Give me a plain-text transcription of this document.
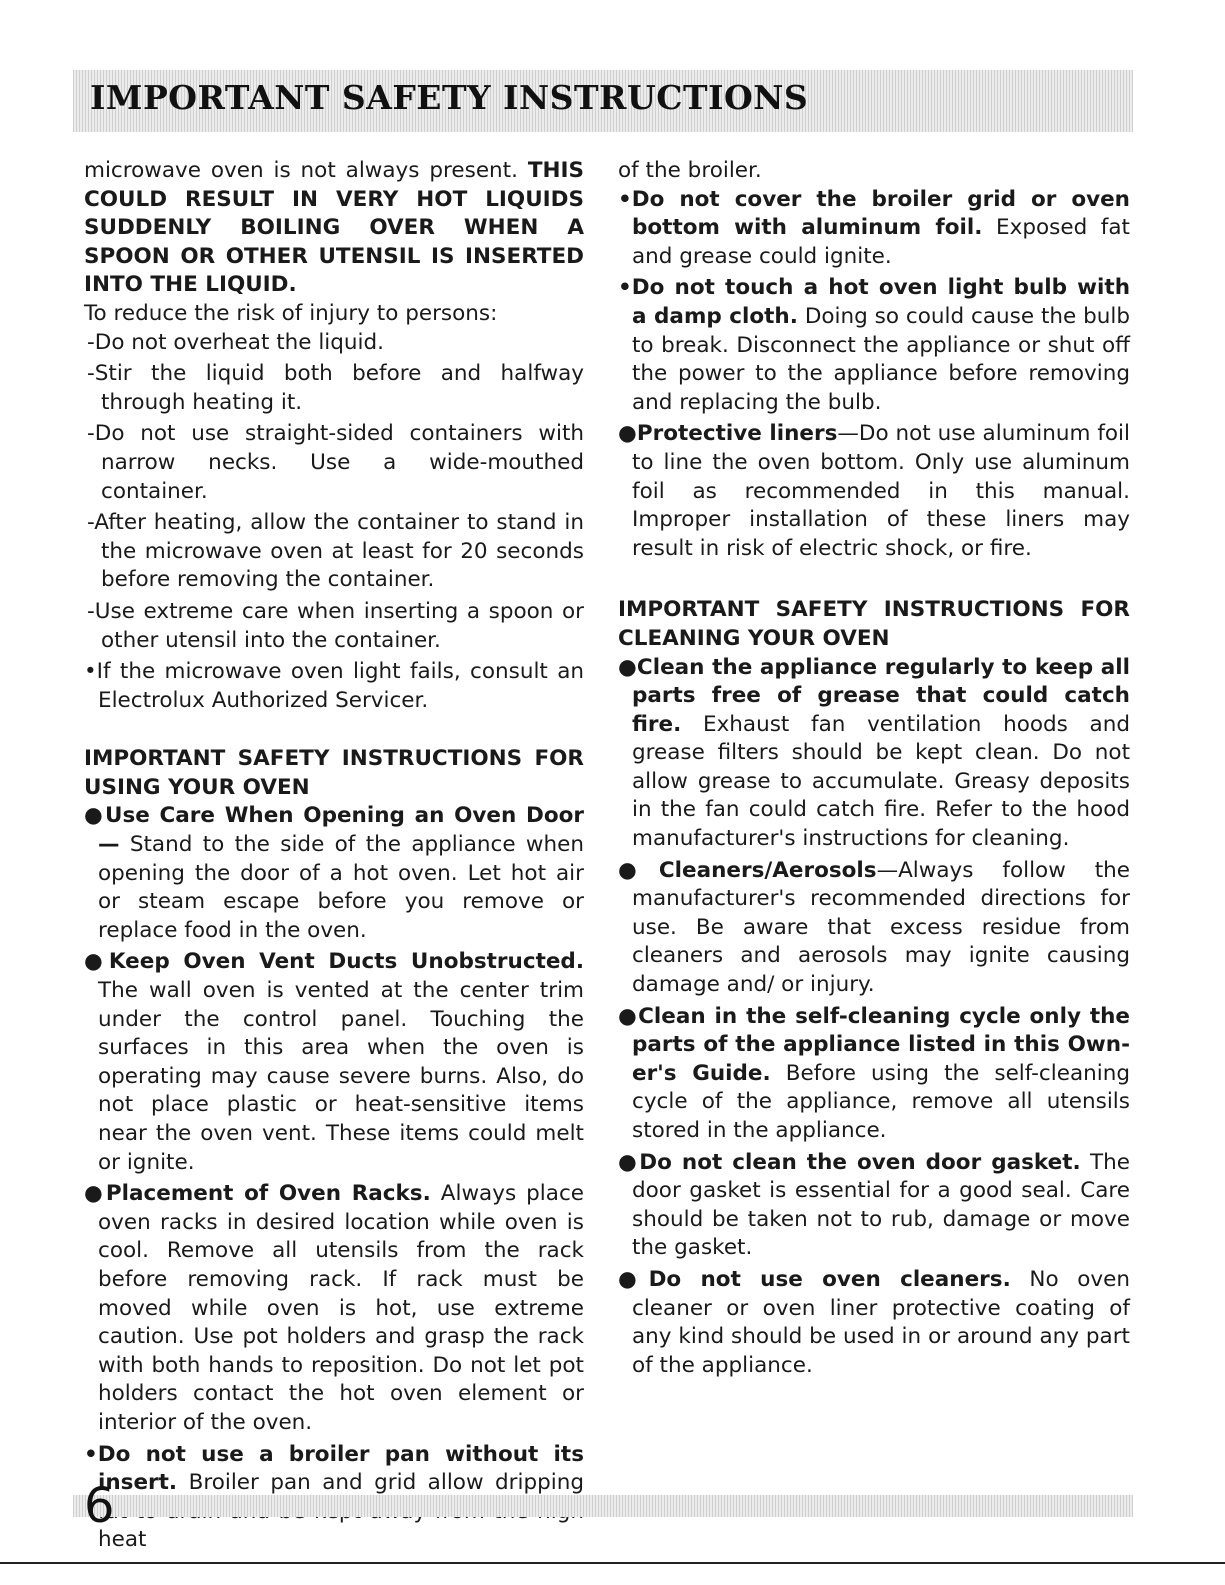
IMPORTANT SAFETY INSTRUCTIONS

microwave oven is not always present. THIS COULD RESULT IN VERY HOT LIQUIDS SUDDENLY BOILING OVER WHEN A SPOON OR OTHER UTENSIL IS INSERTED INTO THE LIQUID.

To reduce the risk of injury to persons:

-Do not overheat the liquid.

-Stir the liquid both before and halfway through heating it.

-Do not use straight-sided containers with narrow necks. Use a wide-mouthed container.

-After heating, allow the container to stand in the microwave oven at least for 20 seconds before removing the container.

-Use extreme care when inserting a spoon or other utensil into the container.

•If the microwave oven light fails, consult an Electrolux Authorized Servicer.

IMPORTANT SAFETY INSTRUCTIONS FOR USING YOUR OVEN

●Use Care When Opening an Oven Door— Stand to the side of the appliance when opening the door of a hot oven. Let hot air or steam escape before you remove or replace food in the oven.

●Keep Oven Vent Ducts Unobstructed. The wall oven is vented at the center trim under the control panel. Touching the surfaces in this area when the oven is operating may cause severe burns. Also, do not place plastic or heat-sensitive items near the oven vent. These items could melt or ignite.

●Placement of Oven Racks. Always place oven racks in desired location while oven is cool. Remove all utensils from the rack before removing rack. If rack must be moved while oven is hot, use extreme caution. Use pot holders and grasp the rack with both hands to reposition. Do not let pot holders contact the hot oven element or interior of the oven.

•Do not use a broiler pan without its insert. Broiler pan and grid allow dripping heat

of the broiler.

•Do not cover the broiler grid or oven bottom with aluminum foil. Exposed fat and grease could ignite.

•Do not touch a hot oven light bulb with a damp cloth. Doing so could cause the bulb to break. Disconnect the appliance or shut off the power to the appliance before removing and replacing the bulb.

●Protective liners—Do not use aluminum foil to line the oven bottom. Only use aluminum foil as recommended in this manual. Improper installation of these liners may result in risk of electric shock, or fire.

IMPORTANT SAFETY INSTRUCTIONS FOR CLEANING YOUR OVEN

●Clean the appliance regularly to keep all parts free of grease that could catch fire. Exhaust fan ventilation hoods and grease filters should be kept clean. Do not allow grease to accumulate. Greasy deposits in the fan could catch fire. Refer to the hood manufacturer's instructions for cleaning.

●Cleaners/Aerosols—Always follow the manufacturer's recommended directions for use. Be aware that excess residue from cleaners and aerosols may ignite causing damage and/ or injury.

●Clean in the self-cleaning cycle only the parts of the appliance listed in this Own-er's Guide. Before using the self-cleaning cycle of the appliance, remove all utensils stored in the appliance.

●Do not clean the oven door gasket. The door gasket is essential for a good seal. Care should be taken not to rub, damage or move the gasket.

●Do not use oven cleaners. No oven cleaner or oven liner protective coating of any kind should be used in or around any part of the appliance.

6
